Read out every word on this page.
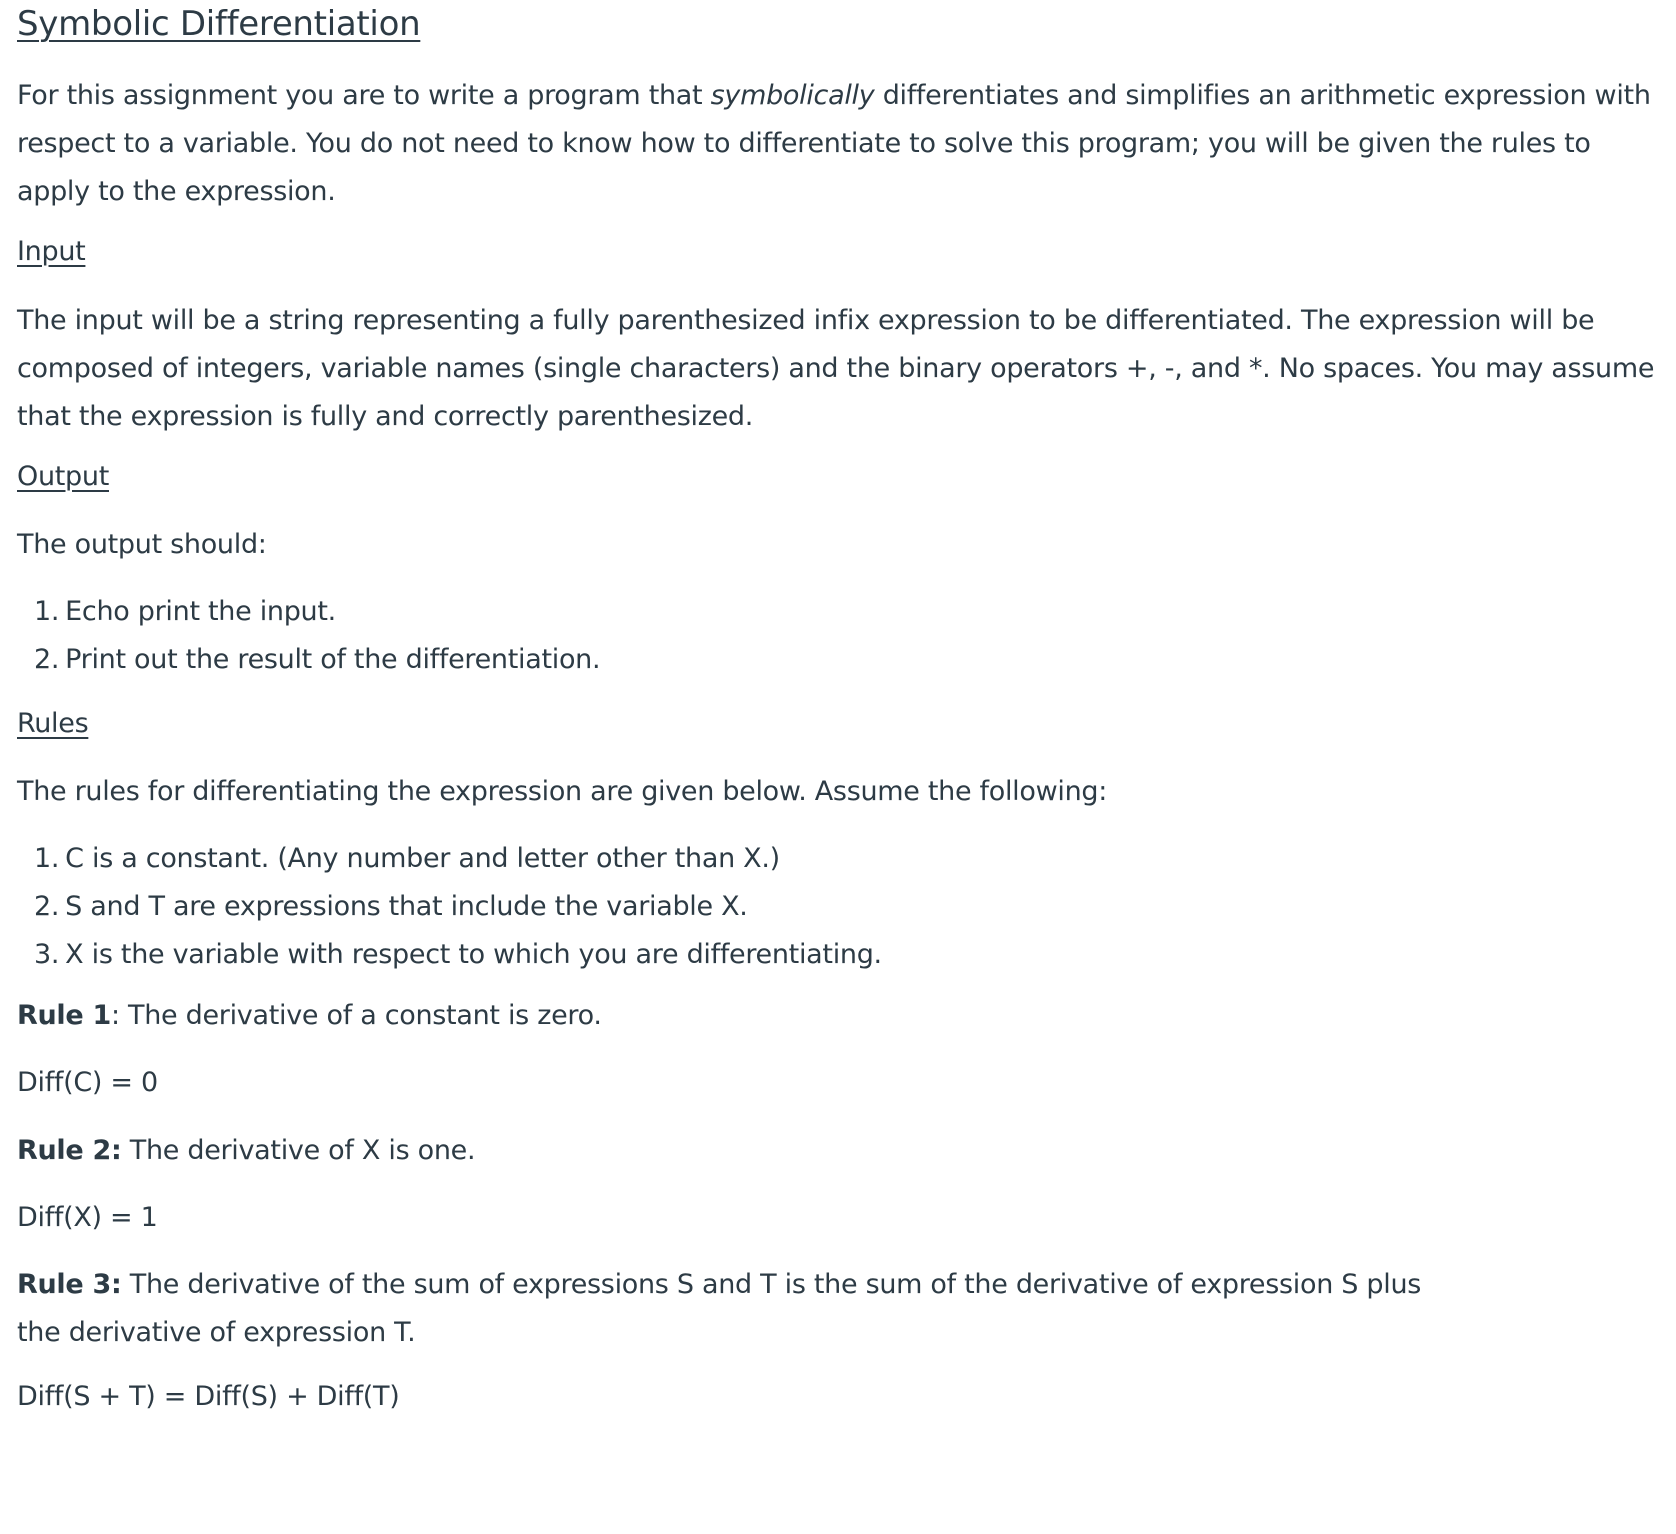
Symbolic Differentiation

For this assignment you are to write a program that symbolically differentiates and simplifies an arithmetic expression with respect to a variable. You do not need to know how to differentiate to solve this program; you will be given the rules to apply to the expression.

Input

The input will be a string representing a fully parenthesized infix expression to be differentiated. The expression will be composed of integers, variable names (single characters) and the binary operators +, -, and *. No spaces. You may assume that the expression is fully and correctly parenthesized.

Output

The output should:

1. Echo print the input.
2. Print out the result of the differentiation.
Rules

The rules for differentiating the expression are given below. Assume the following:

1. C is a constant. (Any number and letter other than X.)
2. S and T are expressions that include the variable X.
3. X is the variable with respect to which you are differentiating.

Rule 1: The derivative of a constant is zero.

Diff(C) = 0

Rule 2: The derivative of X is one.

Diff(X) = 1

Rule 3: The derivative of the sum of expressions S and T is the sum of the derivative of expression S plus the derivative of expression T.

Diff(S + T) = Diff(S) + Diff(T)
